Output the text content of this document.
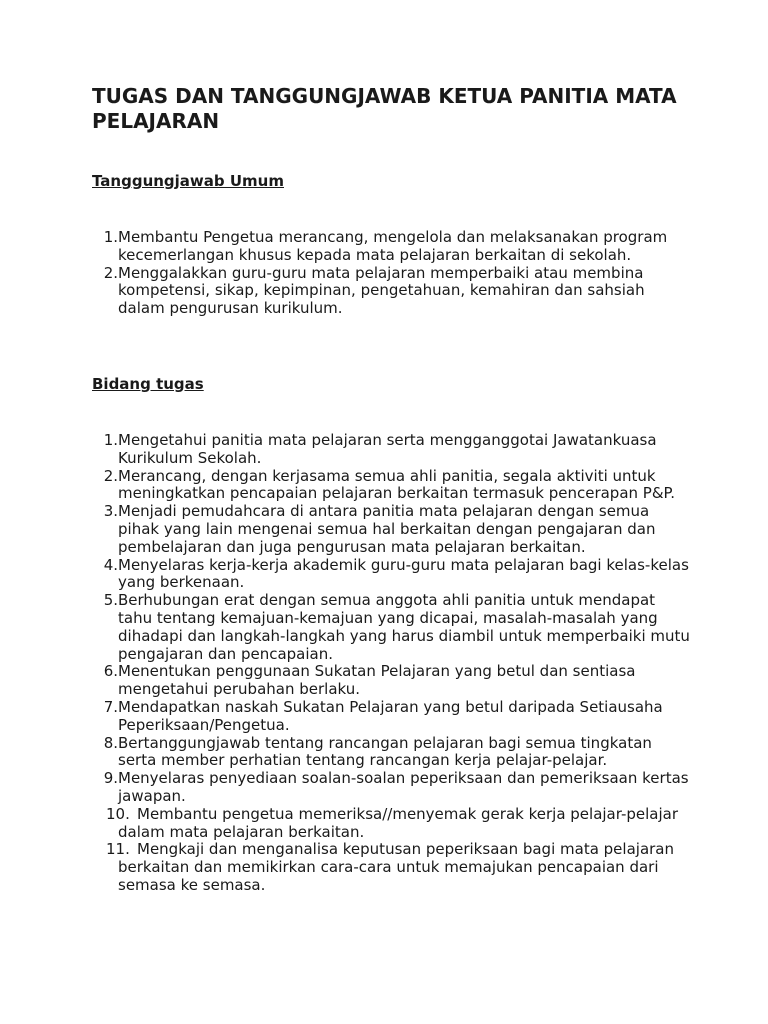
TUGAS DAN TANGGUNGJAWAB KETUA PANITIA MATA PELAJARAN
Tanggungjawab Umum
1. Membantu Pengetua merancang, mengelola dan melaksanakan program kecemerlangan khusus kepada mata pelajaran berkaitan di sekolah.
2. Menggalakkan guru-guru mata pelajaran memperbaiki atau membina kompetensi, sikap, kepimpinan, pengetahuan, kemahiran dan sahsiah dalam pengurusan kurikulum.
Bidang tugas
1. Mengetahui panitia mata pelajaran serta mengganggotai Jawatankuasa Kurikulum Sekolah.
2. Merancang, dengan kerjasama semua ahli panitia, segala aktiviti untuk meningkatkan pencapaian pelajaran berkaitan termasuk pencerapan P&P.
3. Menjadi pemudahcara di antara panitia mata pelajaran dengan semua pihak yang lain mengenai semua hal berkaitan dengan pengajaran dan pembelajaran dan juga pengurusan mata pelajaran berkaitan.
4. Menyelaras kerja-kerja akademik guru-guru mata pelajaran bagi kelas-kelas yang berkenaan.
5. Berhubungan erat dengan semua anggota ahli panitia untuk mendapat tahu tentang kemajuan-kemajuan yang dicapai, masalah-masalah yang dihadapi dan langkah-langkah yang harus diambil untuk memperbaiki mutu pengajaran dan pencapaian.
6. Menentukan penggunaan Sukatan Pelajaran yang betul dan sentiasa mengetahui perubahan berlaku.
7. Mendapatkan naskah Sukatan Pelajaran yang betul daripada Setiausaha Peperiksaan/Pengetua.
8. Bertanggungjawab tentang rancangan pelajaran bagi semua tingkatan serta member perhatian tentang rancangan kerja pelajar-pelajar.
9. Menyelaras penyediaan soalan-soalan peperiksaan dan pemeriksaan kertas jawapan.
10. Membantu pengetua memeriksa//menyemak gerak kerja pelajar-pelajar dalam mata pelajaran berkaitan.
11. Mengkaji dan menganalisa keputusan peperiksaan bagi mata pelajaran berkaitan dan memikirkan cara-cara untuk memajukan pencapaian dari semasa ke semasa.
